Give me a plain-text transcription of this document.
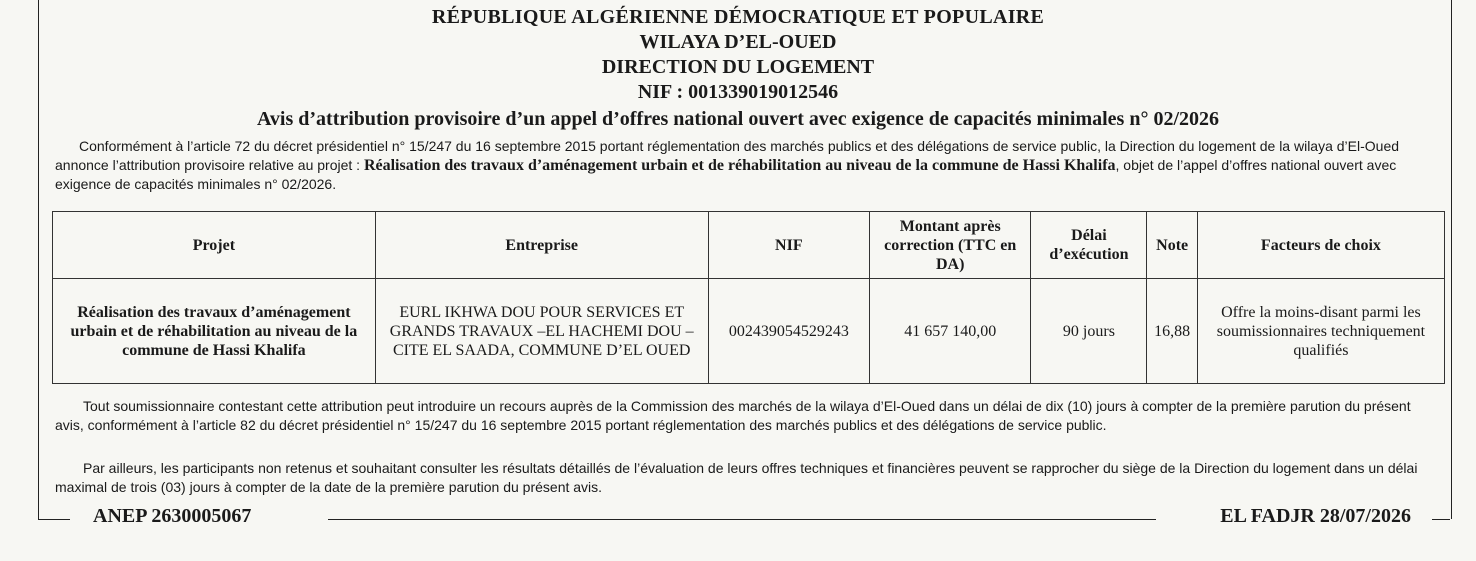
RÉPUBLIQUE ALGÉRIENNE DÉMOCRATIQUE ET POPULAIRE
WILAYA D’EL-OUED
DIRECTION DU LOGEMENT
NIF : 001339019012546
Avis d’attribution provisoire d’un appel d’offres national ouvert avec exigence de capacités minimales n° 02/2026
Conformément à l’article 72 du décret présidentiel n° 15/247 du 16 septembre 2015 portant réglementation des marchés publics et des délégations de service public, la Direction du logement de la wilaya d’El-Oued annonce l’attribution provisoire relative au projet : Réalisation des travaux d’aménagement urbain et de réhabilitation au niveau de la commune de Hassi Khalifa, objet de l’appel d’offres national ouvert avec exigence de capacités minimales n° 02/2026.
Projet	Entreprise	NIF	Montant après correction (TTC en DA)	Délai d’exécution	Note	Facteurs de choix
Réalisation des travaux d’aménagement urbain et de réhabilitation au niveau de la commune de Hassi Khalifa	EURL IKHWA DOU POUR SERVICES ET GRANDS TRAVAUX –EL HACHEMI DOU – CITE EL SAADA, COMMUNE D’EL OUED	002439054529243	41 657 140,00	90 jours	16,88	Offre la moins-disant parmi les soumissionnaires techniquement qualifiés
Tout soumissionnaire contestant cette attribution peut introduire un recours auprès de la Commission des marchés de la wilaya d’El-Oued dans un délai de dix (10) jours à compter de la première parution du présent avis, conformément à l’article 82 du décret présidentiel n° 15/247 du 16 septembre 2015 portant réglementation des marchés publics et des délégations de service public.
Par ailleurs, les participants non retenus et souhaitant consulter les résultats détaillés de l’évaluation de leurs offres techniques et financières peuvent se rapprocher du siège de la Direction du logement dans un délai maximal de trois (03) jours à compter de la date de la première parution du présent avis.
ANEP 2630005067	EL FADJR 28/07/2026
